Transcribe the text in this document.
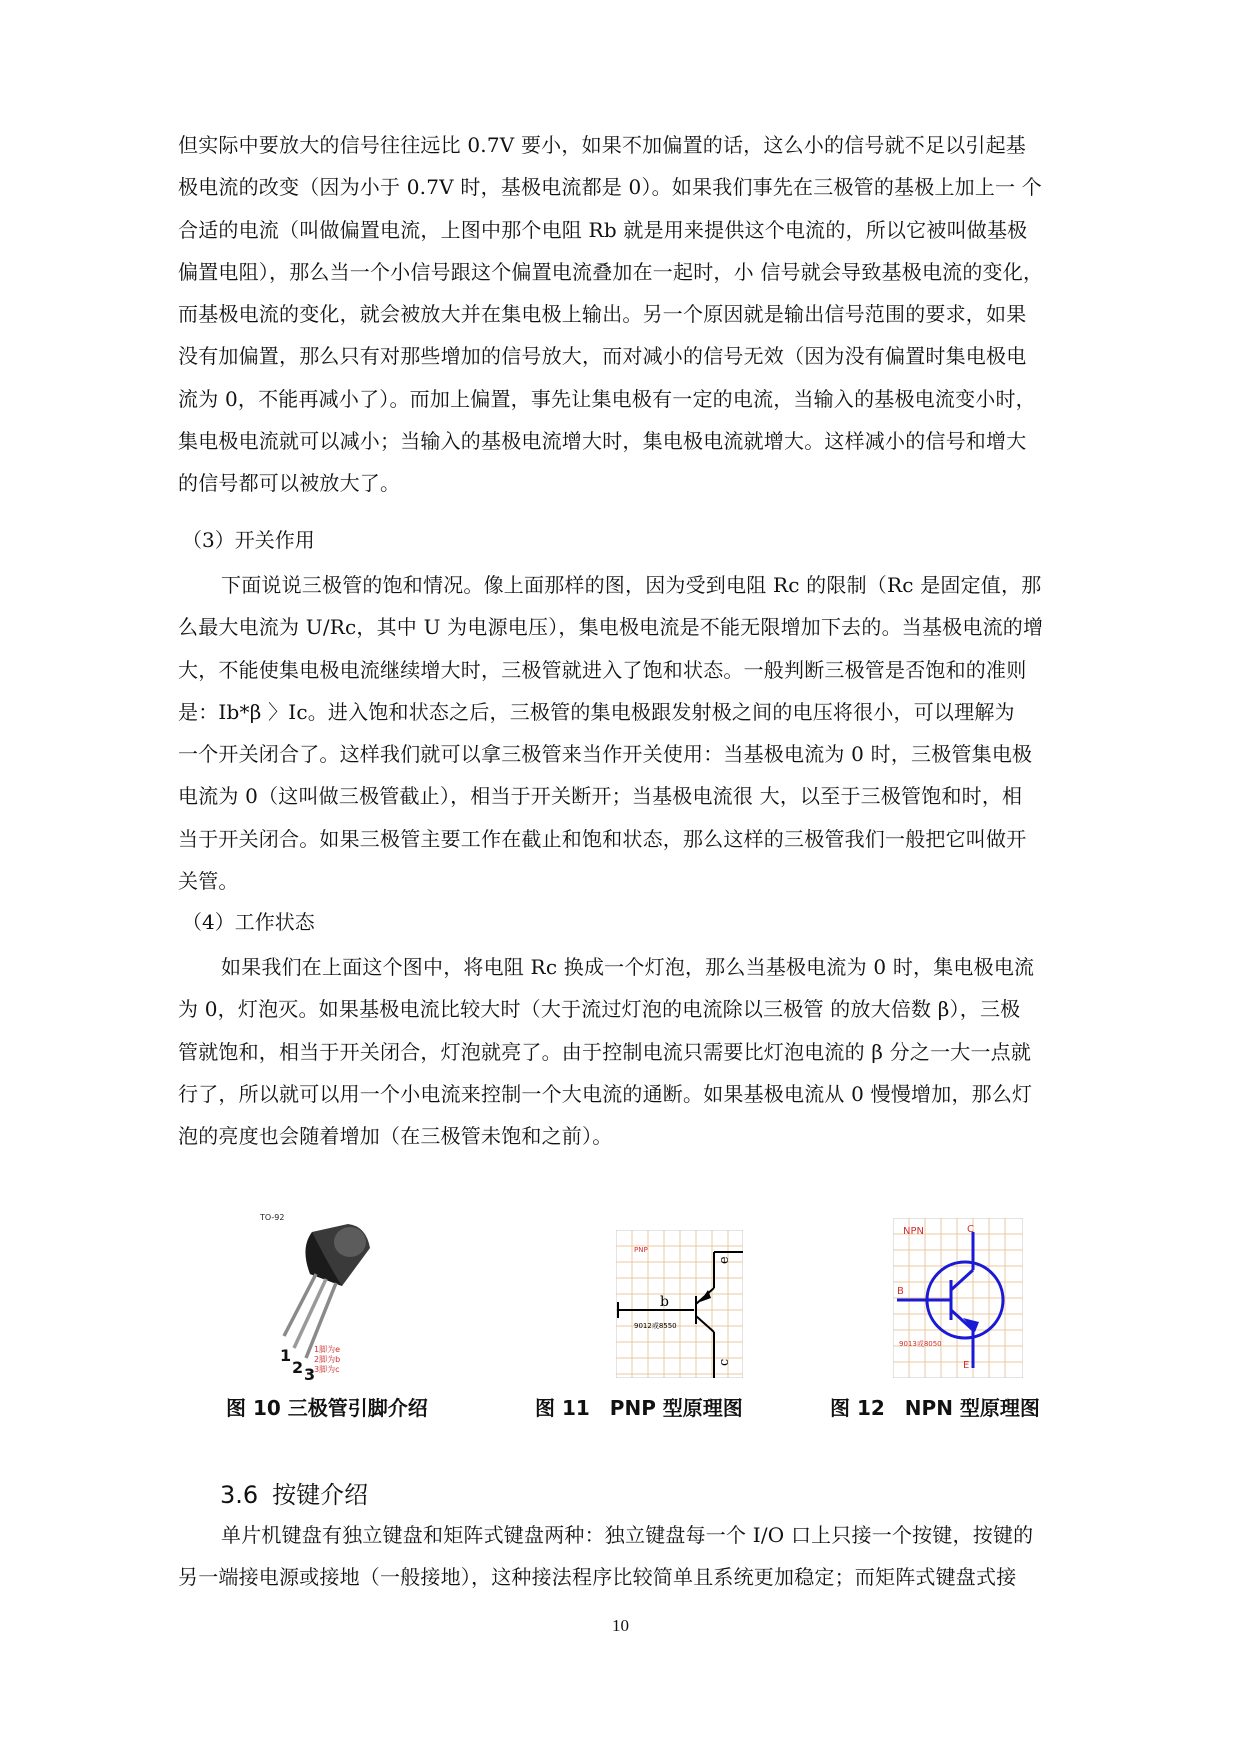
但实际中要放大的信号往往远比 0.7V 要小，如果不加偏置的话，这么小的信号就不足以引起基
极电流的改变（因为小于 0.7V 时，基极电流都是 0）。如果我们事先在三极管的基极上加上一 个
合适的电流（叫做偏置电流，上图中那个电阻 Rb 就是用来提供这个电流的，所以它被叫做基极
偏置电阻），那么当一个小信号跟这个偏置电流叠加在一起时，小 信号就会导致基极电流的变化，
而基极电流的变化，就会被放大并在集电极上输出。另一个原因就是输出信号范围的要求，如果
没有加偏置，那么只有对那些增加的信号放大，而对减小的信号无效（因为没有偏置时集电极电
流为 0，不能再减小了）。而加上偏置，事先让集电极有一定的电流，当输入的基极电流变小时，
集电极电流就可以减小；当输入的基极电流增大时，集电极电流就增大。这样减小的信号和增大
的信号都可以被放大了。
（3）开关作用
下面说说三极管的饱和情况。像上面那样的图，因为受到电阻 Rc 的限制（Rc 是固定值，那
么最大电流为 U/Rc，其中 U 为电源电压），集电极电流是不能无限增加下去的。当基极电流的增
大，不能使集电极电流继续增大时，三极管就进入了饱和状态。一般判断三极管是否饱和的准则
是：Ib*β 〉Ic。进入饱和状态之后，三极管的集电极跟发射极之间的电压将很小，可以理解为
一个开关闭合了。这样我们就可以拿三极管来当作开关使用：当基极电流为 0 时，三极管集电极
电流为 0（这叫做三极管截止），相当于开关断开；当基极电流很 大，以至于三极管饱和时，相
当于开关闭合。如果三极管主要工作在截止和饱和状态，那么这样的三极管我们一般把它叫做开
关管。
（4）工作状态
如果我们在上面这个图中，将电阻 Rc 换成一个灯泡，那么当基极电流为 0 时，集电极电流
为 0，灯泡灭。如果基极电流比较大时（大于流过灯泡的电流除以三极管 的放大倍数 β），三极
管就饱和，相当于开关闭合，灯泡就亮了。由于控制电流只需要比灯泡电流的 β 分之一大一点就
行了，所以就可以用一个小电流来控制一个大电流的通断。如果基极电流从 0 慢慢增加，那么灯
泡的亮度也会随着增加（在三极管未饱和之前）。
TO-92
1
2 3
1脚为e
2脚为b
3脚为c
图 10 三极管引脚介绍
PNP
b
e
c
9012或8550
图 11　PNP 型原理图
NPN	C
B
E
9013或8050
图 12　NPN 型原理图
3.6 按键介绍
单片机键盘有独立键盘和矩阵式键盘两种：独立键盘每一个 I/O 口上只接一个按键，按键的
另一端接电源或接地（一般接地），这种接法程序比较简单且系统更加稳定；而矩阵式键盘式接
10
